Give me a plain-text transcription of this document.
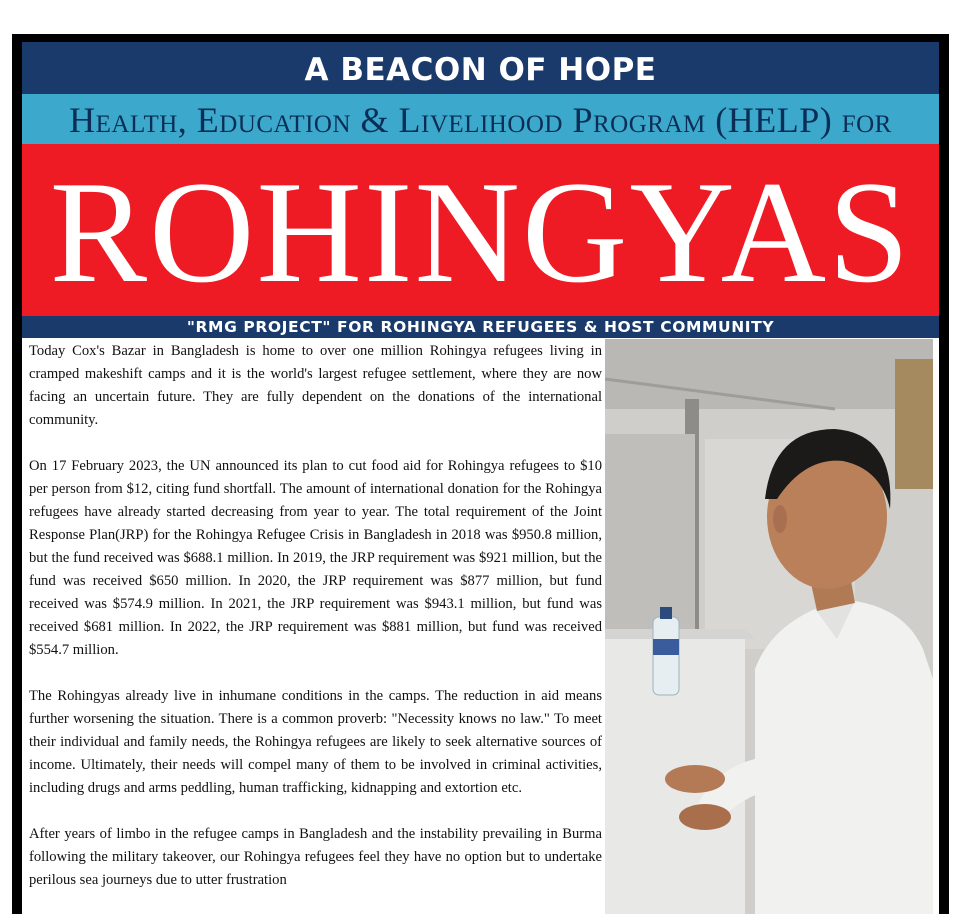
A BEACON OF HOPE
Health, Education & Livelihood Program (HELP) for
ROHINGYAS
"RMG PROJECT" FOR ROHINGYA REFUGEES & HOST COMMUNITY

Today Cox's Bazar in Bangladesh is home to over one million Rohingya refugees living in cramped makeshift camps and it is the world's largest refugee settlement, where they are now facing an uncertain future. They are fully dependent on the donations of the international community.

On 17 February 2023, the UN announced its plan to cut food aid for Rohingya refugees to $10 per person from $12, citing fund shortfall. The amount of international donation for the Rohingya refugees have already started decreasing from year to year. The total requirement of the Joint Response Plan(JRP) for the Rohingya Refugee Crisis in Bangladesh in 2018 was $950.8 million, but the fund received was $688.1 million. In 2019, the JRP requirement was $921 million, but the fund was received $650 million. In 2020, the JRP requirement was $877 million, but fund received was $574.9 million. In 2021, the JRP requirement was $943.1 million, but fund was received $681 million. In 2022, the JRP requirement was $881 million, but fund was received $554.7 million.

The Rohingyas already live in inhumane conditions in the camps. The reduction in aid means further worsening the situation. There is a common proverb: "Necessity knows no law." To meet their individual and family needs, the Rohingya refugees are likely to seek alternative sources of income. Ultimately, their needs will compel many of them to be involved in criminal activities, including drugs and arms peddling, human trafficking, kidnapping and extortion etc.

After years of limbo in the refugee camps in Bangladesh and the instability prevailing in Burma following the military takeover, our Rohingya refugees feel they have no option but to undertake perilous sea journeys due to utter frustration
